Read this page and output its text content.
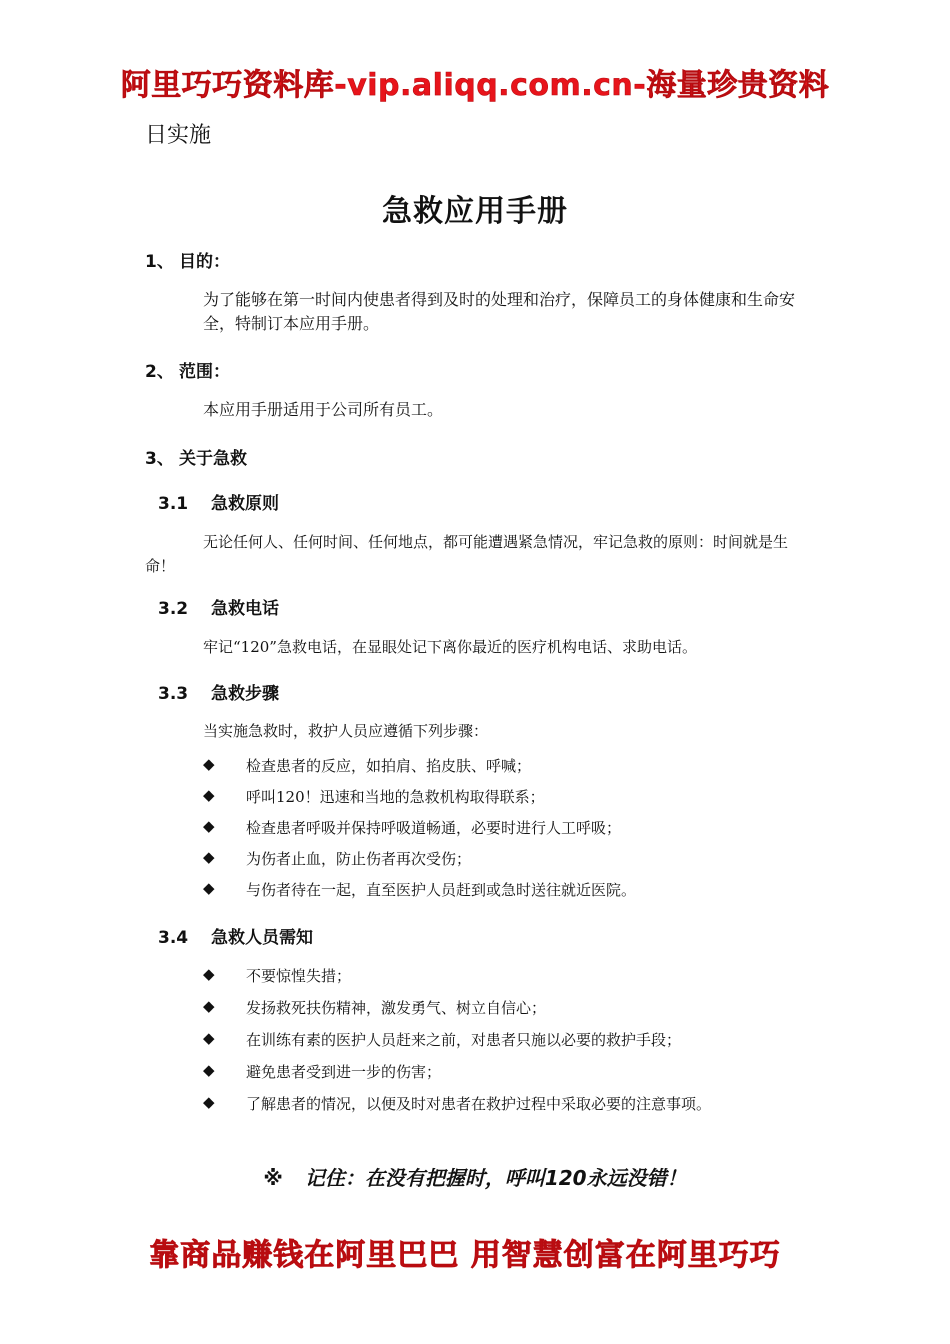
阿里巧巧资料库-vip.aliqq.com.cn-海量珍贵资料
日实施
急救应用手册
1、 目的：
为了能够在第一时间内使患者得到及时的处理和治疗，保障员工的身体健康和生命安全，特制订本应用手册。
2、 范围：
本应用手册适用于公司所有员工。
3、 关于急救
3.1 急救原则
无论任何人、任何时间、任何地点，都可能遭遇紧急情况，牢记急救的原则：时间就是生命！
3.2 急救电话
牢记“120”急救电话，在显眼处记下离你最近的医疗机构电话、求助电话。
3.3 急救步骤
当实施急救时，救护人员应遵循下列步骤：
◆ 检查患者的反应，如拍肩、掐皮肤、呼喊；
◆ 呼叫120！迅速和当地的急救机构取得联系；
◆ 检查患者呼吸并保持呼吸道畅通，必要时进行人工呼吸；
◆ 为伤者止血，防止伤者再次受伤；
◆ 与伤者待在一起，直至医护人员赶到或急时送往就近医院。
3.4 急救人员需知
◆ 不要惊惶失措；
◆ 发扬救死扶伤精神，激发勇气、树立自信心；
◆ 在训练有素的医护人员赶来之前，对患者只施以必要的救护手段；
◆ 避免患者受到进一步的伤害；
◆ 了解患者的情况，以便及时对患者在救护过程中采取必要的注意事项。
※ 记住：在没有把握时，呼叫120永远没错！
靠商品赚钱在阿里巴巴 用智慧创富在阿里巧巧
